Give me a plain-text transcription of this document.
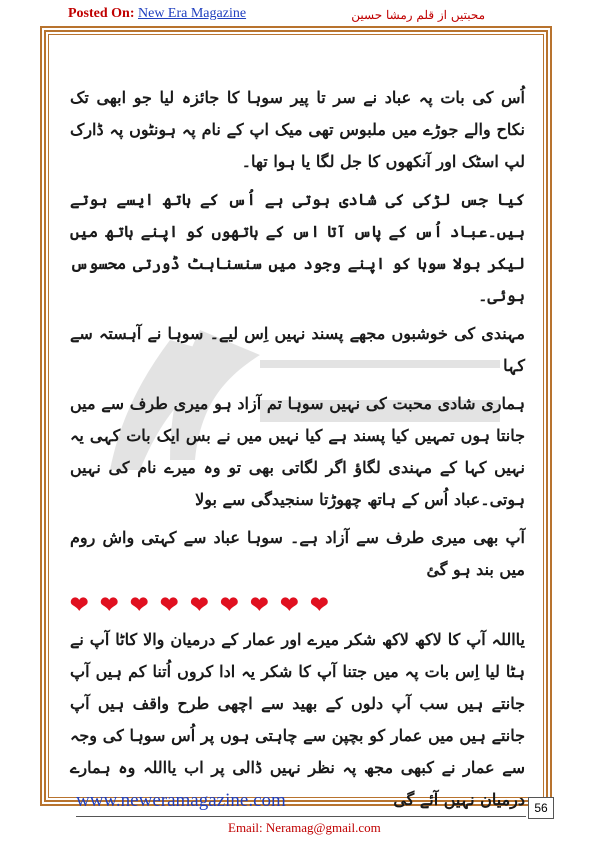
Posted On: New Era Magazine	محبتیں از قلم رمشا حسین

اُس کی بات پہ عباد نے سر تا پیر سوہا کا جائزہ لیا جو ابھی تک نکاح والے جوڑے میں ملبوس تھی میک اپ کے نام پہ ہونٹوں پہ ڈارک لپ اسٹک اور آنکھوں کا جل لگا یا ہوا تھا۔

کیا جس لڑکی کی شادی ہوتی ہے اُس کے ہاتھ ایسے ہوتے ہیں۔عباد اُس کے پاس آتا اس کے ہاتھوں کو اپنے ہاتھ میں لیکر بولا سوہا کو اپنے وجود میں سنسناہٹ ڈورتی محسوس ہوئی۔

مہندی کی خوشبوں مجھے پسند نہیں اِس لیے۔ سوہا نے آہستہ سے کہا

ہماری شادی محبت کی نہیں سوہا تم آزاد ہو میری طرف سے میں جانتا ہوں تمہیں کیا پسند ہے کیا نہیں میں نے بس ایک بات کہی یہ نہیں کہا کے مہندی لگاؤ اگر لگاتی بھی تو وہ میرے نام کی نہیں ہوتی۔عباد اُس کے ہاتھ چھوڑتا سنجیدگی سے بولا

آپ بھی میری طرف سے آزاد ہے۔ سوہا عباد سے کہتی واش روم میں بند ہو گئ

❤ ❤ ❤ ❤ ❤ ❤ ❤ ❤ ❤

یااللہ آپ کا لاکھ لاکھ شکر میرے اور عمار کے درمیان والا کاٹا آپ نے ہٹا لیا اِس بات پہ میں جتنا آپ کا شکر یہ ادا کروں اُتنا کم ہیں آپ جانتے ہیں سب آپ دلوں کے بھید سے اچھی طرح واقف ہیں آپ جانتے ہیں میں عمار کو بچپن سے چاہتی ہوں پر اُس سوہا کی وجہ سے عمار نے کبھی مجھ پہ نظر نہیں ڈالی پر اب یااللہ وہ ہمارے درمیان نہیں آئے گی

www.neweramagazine.com	56
Email: Neramag@gmail.com
